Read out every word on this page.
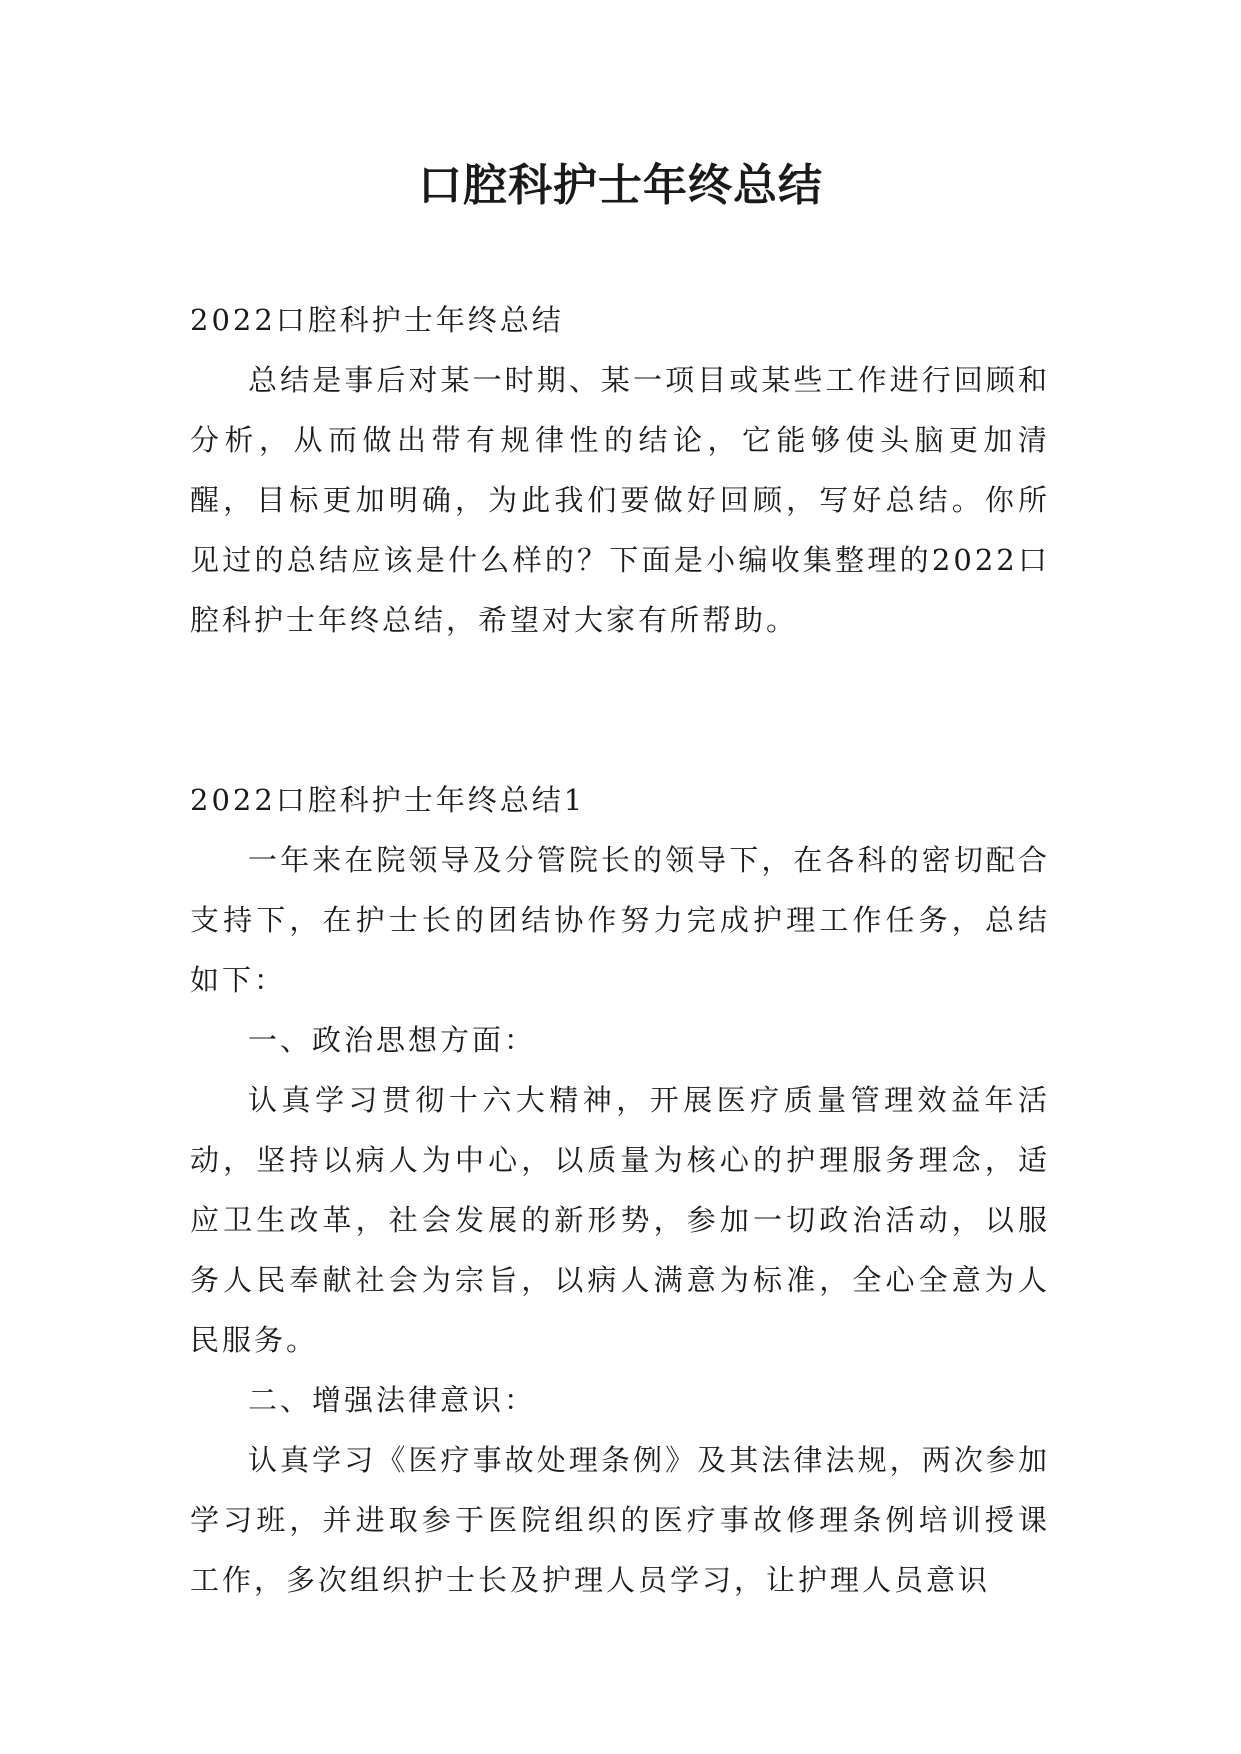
口腔科护士年终总结

2022口腔科护士年终总结

总结是事后对某一时期、某一项目或某些工作进行回顾和分析，从而做出带有规律性的结论，它能够使头脑更加清醒，目标更加明确，为此我们要做好回顾，写好总结。你所见过的总结应该是什么样的？下面是小编收集整理的2022口腔科护士年终总结，希望对大家有所帮助。

2022口腔科护士年终总结1

一年来在院领导及分管院长的领导下，在各科的密切配合支持下，在护士长的团结协作努力完成护理工作任务，总结如下：

一、政治思想方面：

认真学习贯彻十六大精神，开展医疗质量管理效益年活动，坚持以病人为中心，以质量为核心的护理服务理念，适应卫生改革，社会发展的新形势，参加一切政治活动，以服务人民奉献社会为宗旨，以病人满意为标准，全心全意为人民服务。

二、增强法律意识：

认真学习《医疗事故处理条例》及其法律法规，两次参加学习班，并进取参于医院组织的医疗事故修理条例培训授课工作，多次组织护士长及护理人员学习，让护理人员意识
